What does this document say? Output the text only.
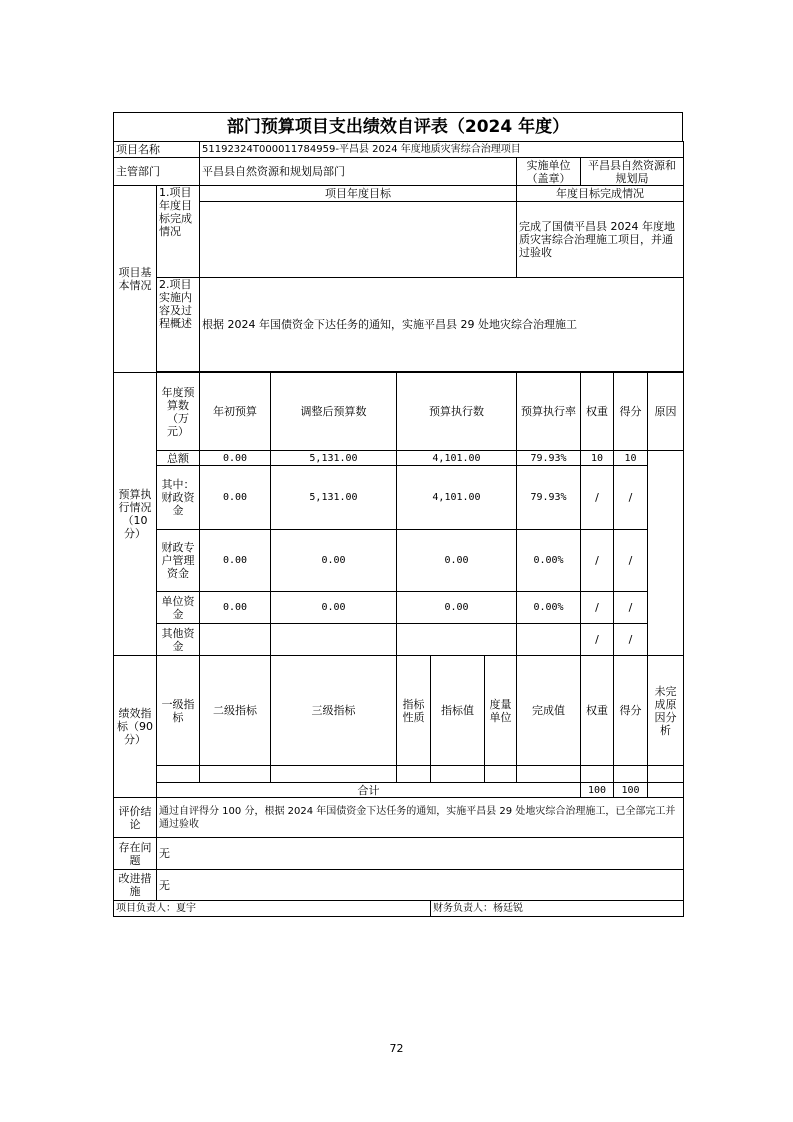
部门预算项目支出绩效自评表（2024 年度）
项目名称		51192324T000011784959-平昌县 2024 年度地质灾害综合治理项目								
主管部门		平昌县自然资源和规划局部门					实施单位（盖章）	平昌县自然资源和规划局		
项目基本情况	1.项目年度目标完成情况	项目年度目标					年度目标完成情况			
							完成了国债平昌县 2024 年度地质灾害综合治理施工项目，并通过验收			
	2.项目实施内容及过程概述	根据 2024 年国债资金下达任务的通知，实施平昌县 29 处地灾综合治理施工								

预算执行情况（10分）	年度预算数（万元）	年初预算	调整后预算数	预算执行数			预算执行率	权重	得分	原因
	总额	0.00	5,131.00	4,101.00			79.93%	10	10	
	其中：财政资金	0.00	5,131.00	4,101.00			79.93%	/	/	
	财政专户管理资金	0.00	0.00	0.00			0.00%	/	/	
	单位资金	0.00	0.00	0.00			0.00%	/	/	
	其他资金							/	/	
绩效指标（90分）	一级指标	二级指标	三级指标	指标性质	指标值	度量单位	完成值	权重	得分	未完成原因分析

	合计							100	100	
评价结论	通过自评得分 100 分，根据 2024 年国债资金下达任务的通知，实施平昌县 29 处地灾综合治理施工，已全部完工并通过验收									
存在问题	无									
改进措施	无									
项目负责人：夏宇					财务负责人：杨廷锐					
72
